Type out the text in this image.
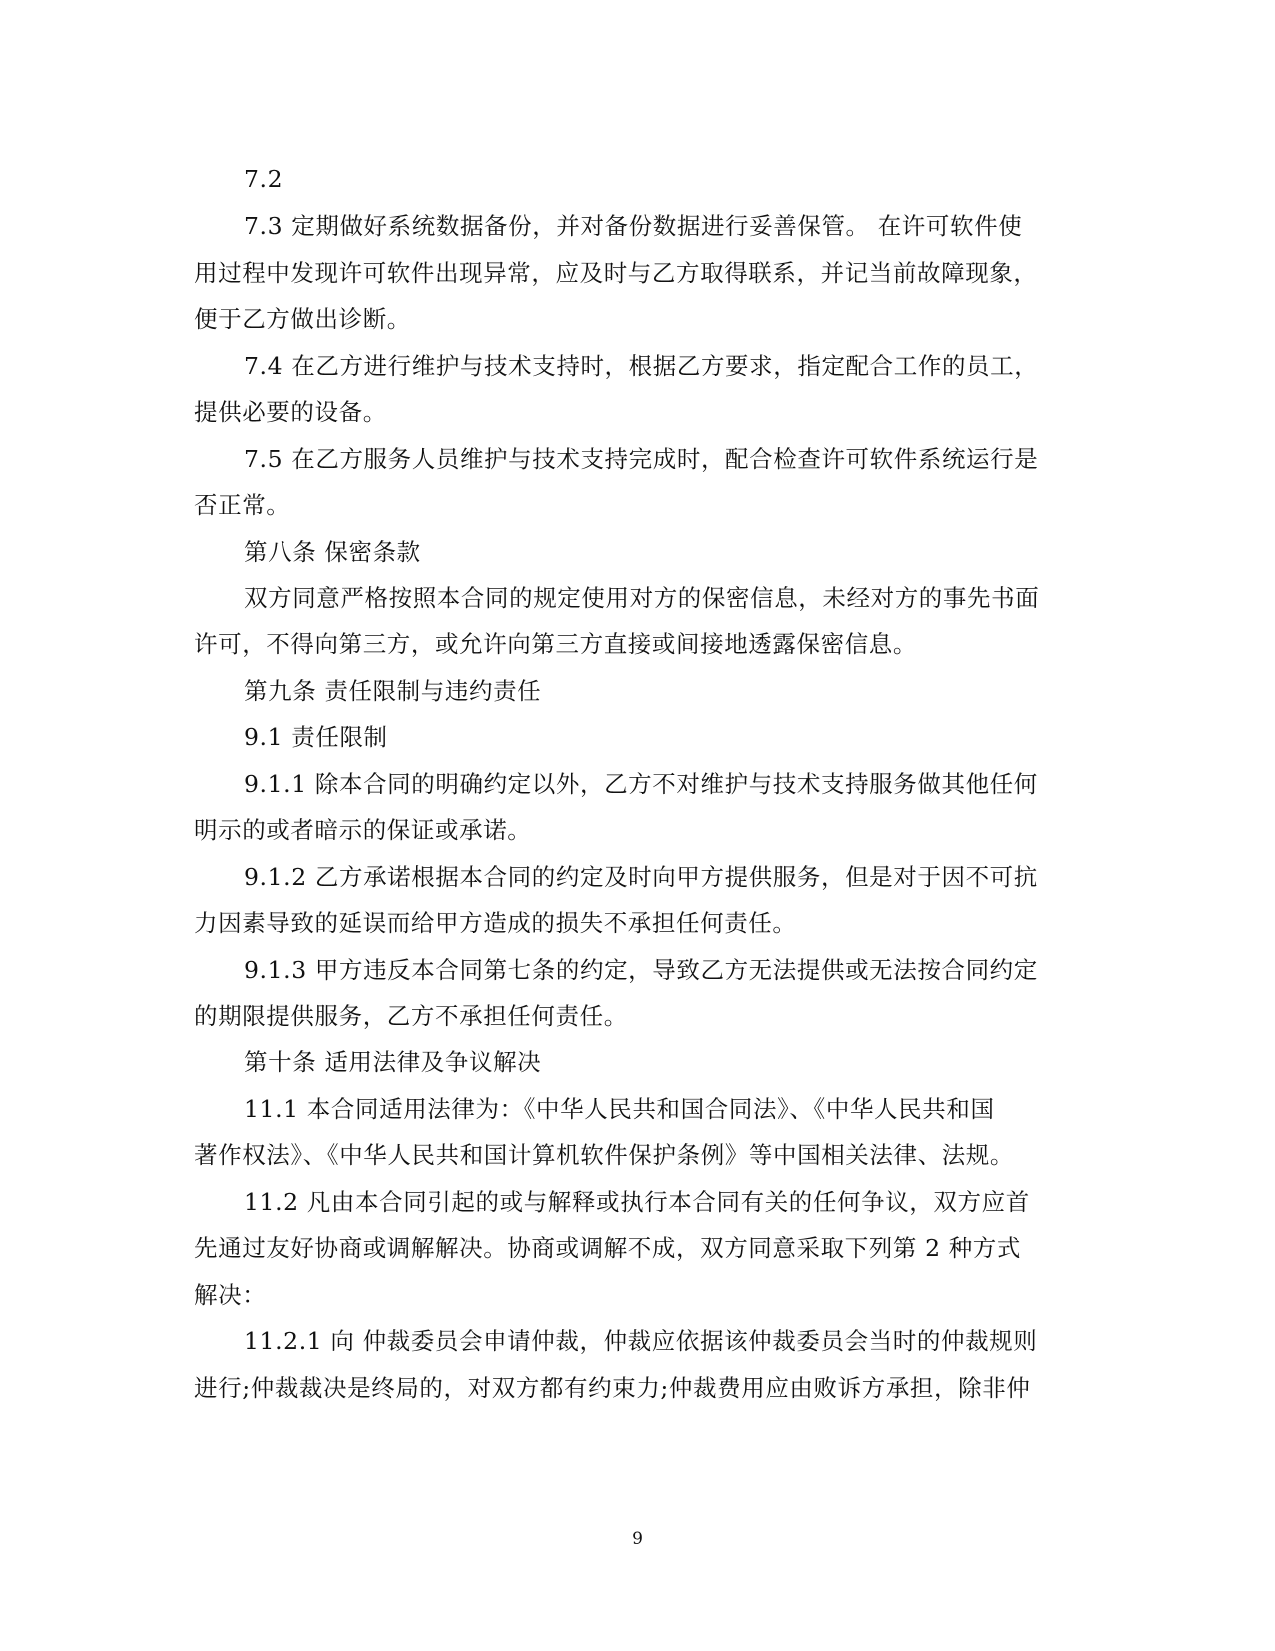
7.2
7.3 定期做好系统数据备份，并对备份数据进行妥善保管。 在许可软件使
用过程中发现许可软件出现异常，应及时与乙方取得联系，并记当前故障现象，
便于乙方做出诊断。
7.4 在乙方进行维护与技术支持时，根据乙方要求，指定配合工作的员工，
提供必要的设备。
7.5 在乙方服务人员维护与技术支持完成时，配合检查许可软件系统运行是
否正常。
第八条 保密条款
双方同意严格按照本合同的规定使用对方的保密信息，未经对方的事先书面
许可，不得向第三方，或允许向第三方直接或间接地透露保密信息。
第九条 责任限制与违约责任
9.1 责任限制
9.1.1 除本合同的明确约定以外，乙方不对维护与技术支持服务做其他任何
明示的或者暗示的保证或承诺。
9.1.2 乙方承诺根据本合同的约定及时向甲方提供服务，但是对于因不可抗
力因素导致的延误而给甲方造成的损失不承担任何责任。
9.1.3 甲方违反本合同第七条的约定，导致乙方无法提供或无法按合同约定
的期限提供服务，乙方不承担任何责任。
第十条 适用法律及争议解决
11.1 本合同适用法律为：《中华人民共和国合同法》、《中华人民共和国
著作权法》、《中华人民共和国计算机软件保护条例》等中国相关法律、法规。
11.2 凡由本合同引起的或与解释或执行本合同有关的任何争议，双方应首
先通过友好协商或调解解决。协商或调解不成，双方同意采取下列第 2 种方式
解决：
11.2.1 向 仲裁委员会申请仲裁，仲裁应依据该仲裁委员会当时的仲裁规则
进行;仲裁裁决是终局的，对双方都有约束力;仲裁费用应由败诉方承担，除非仲
9
